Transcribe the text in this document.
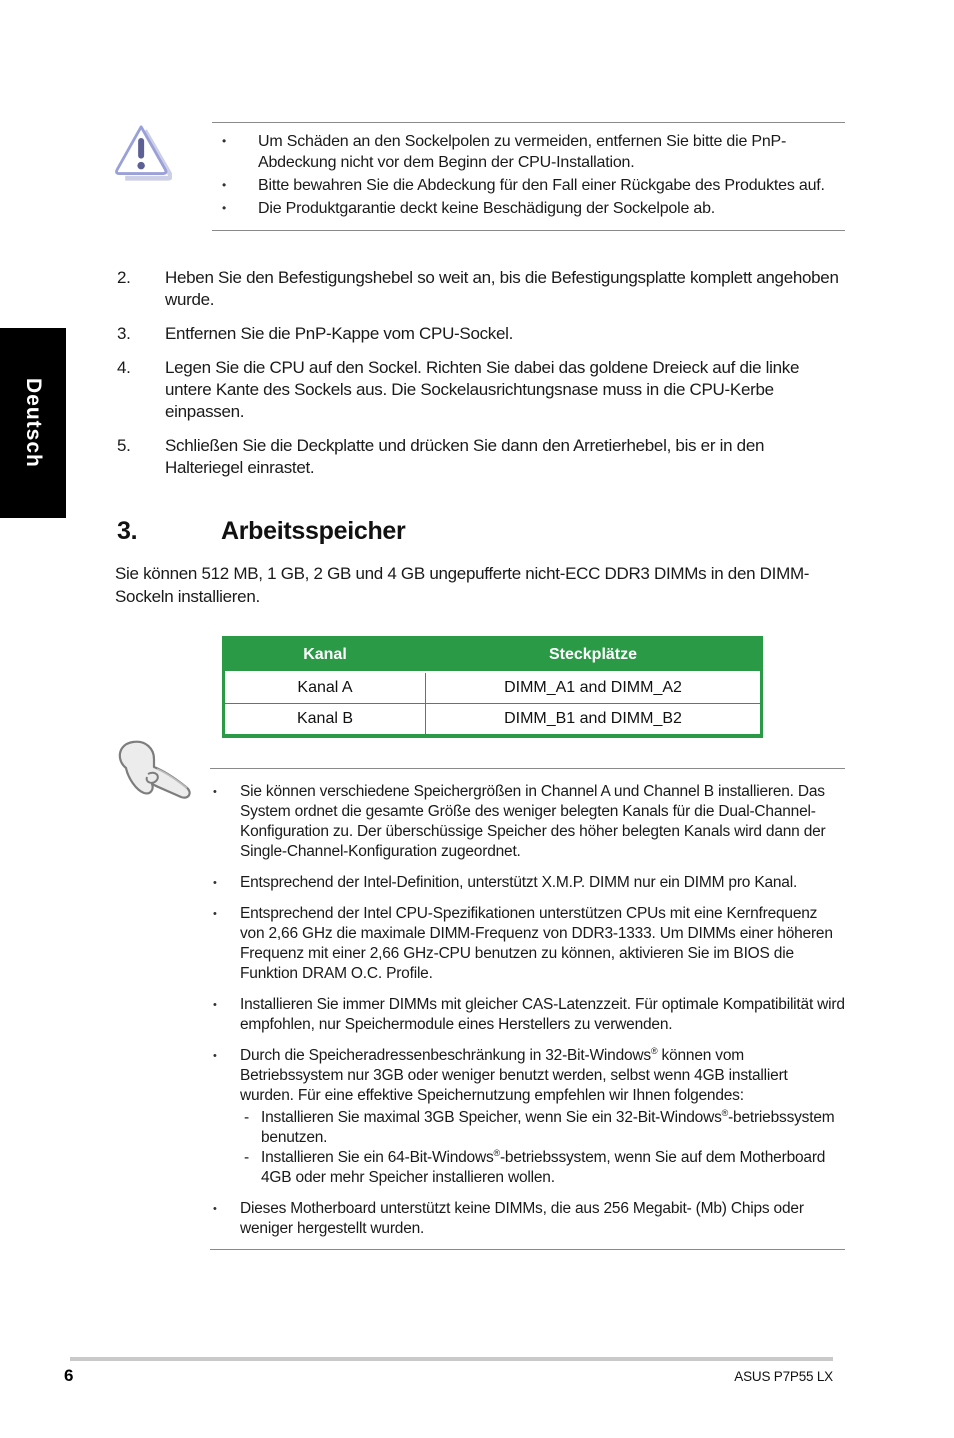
•	Um Schäden an den Sockelpolen zu vermeiden, entfernen Sie bitte die PnP-Abdeckung nicht vor dem Beginn der CPU-Installation.
•	Bitte bewahren Sie die Abdeckung für den Fall einer Rückgabe des Produktes auf.
•	Die Produktgarantie deckt keine Beschädigung der Sockelpole ab.
2.	Heben Sie den Befestigungshebel so weit an, bis die Befestigungsplatte komplett angehoben wurde.
3.	Entfernen Sie die PnP-Kappe vom CPU-Sockel.
4.	Legen Sie die CPU auf den Sockel. Richten Sie dabei das goldene Dreieck auf die linke untere Kante des Sockels aus. Die Sockelausrichtungsnase muss in die CPU-Kerbe einpassen.
5.	Schließen Sie die Deckplatte und drücken Sie dann den Arretierhebel, bis er in den Halteriegel einrastet.
Deutsch
3.	Arbeitsspeicher
Sie können 512 MB, 1 GB, 2 GB und 4 GB ungepufferte nicht-ECC DDR3 DIMMs in den DIMM-Sockeln installieren.
Kanal	Steckplätze
Kanal A	DIMM_A1 and DIMM_A2
Kanal B	DIMM_B1 and DIMM_B2
• Sie können verschiedene Speichergrößen in Channel A und Channel B installieren. Das System ordnet die gesamte Größe des weniger belegten Kanals für die Dual-Channel-Konfiguration zu. Der überschüssige Speicher des höher belegten Kanals wird dann der Single-Channel-Konfiguration zugeordnet.
• Entsprechend der Intel-Definition, unterstützt X.M.P. DIMM nur ein DIMM pro Kanal.
• Entsprechend der Intel CPU-Spezifikationen unterstützen CPUs mit eine Kernfrequenz von 2,66 GHz die maximale DIMM-Frequenz von DDR3-1333. Um DIMMs einer höheren Frequenz mit einer 2,66 GHz-CPU benutzen zu können, aktivieren Sie im BIOS die Funktion DRAM O.C. Profile.
• Installieren Sie immer DIMMs mit gleicher CAS-Latenzzeit. Für optimale Kompatibilität wird empfohlen, nur Speichermodule eines Herstellers zu verwenden.
• Durch die Speicheradressenbeschränkung in 32-Bit-Windows® können vom Betriebssystem nur 3GB oder weniger benutzt werden, selbst wenn 4GB installiert wurden. Für eine effektive Speichernutzung empfehlen wir Ihnen folgendes:
- Installieren Sie maximal 3GB Speicher, wenn Sie ein 32-Bit-Windows®-betriebssystem benutzen.
- Installieren Sie ein 64-Bit-Windows®-betriebssystem, wenn Sie auf dem Motherboard 4GB oder mehr Speicher installieren wollen.
• Dieses Motherboard unterstützt keine DIMMs, die aus 256 Megabit- (Mb) Chips oder weniger hergestellt wurden.
6	ASUS P7P55 LX
